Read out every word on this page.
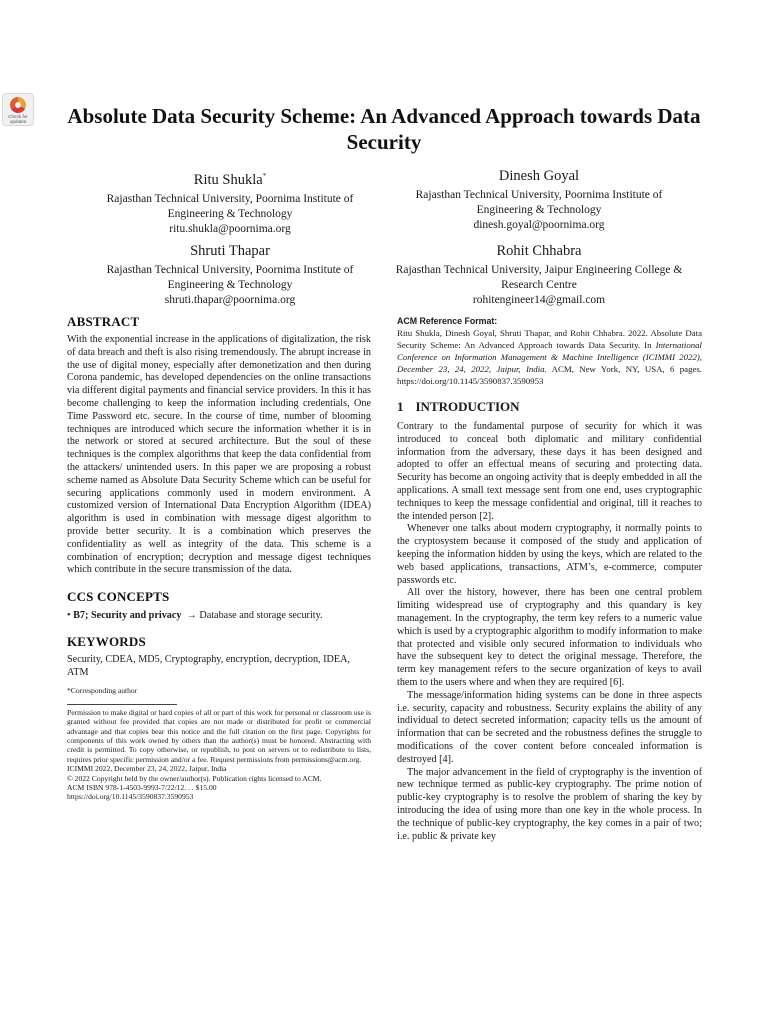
Check for updates	Absolute Data Security Scheme: An Advanced Approach towards Data Security
Ritu Shukla*
Rajasthan Technical University, Poornima Institute of Engineering & Technology
ritu.shukla@poornima.org
Dinesh Goyal
Rajasthan Technical University, Poornima Institute of Engineering & Technology
dinesh.goyal@poornima.org
Shruti Thapar
Rajasthan Technical University, Poornima Institute of Engineering & Technology
shruti.thapar@poornima.org
Rohit Chhabra
Rajasthan Technical University, Jaipur Engineering College & Research Centre
rohitengineer14@gmail.com
ABSTRACT

With the exponential increase in the applications of digitalization, the risk of data breach and theft is also rising tremendously. The abrupt increase in the use of digital money, especially after demonetization and then during Corona pandemic, has developed dependencies on the online transactions via different digital payments and financial service providers. In this it has become challenging to keep the information including credentials, One Time Password etc. secure. In the course of time, number of blooming techniques are introduced which secure the information whether it is in the network or stored at secured architecture. But the soul of these techniques is the complex algorithms that keep the data confidential from the attackers/ unintended users. In this paper we are proposing a robust scheme named as Absolute Data Security Scheme which can be useful for securing applications commonly used in modern environment. A customized version of International Data Encryption Algorithm (IDEA) algorithm is used in combination with message digest algorithm to provide better security. It is a combination which preserves the confidentiality as well as integrity of the data. This scheme is a combination of encryption; decryption and message digest techniques which contribute in the secure transmission of the data.

CCS CONCEPTS

• B7; Security and privacy → Database and storage security.

KEYWORDS

Security, CDEA, MD5, Cryptography, encryption, decryption, IDEA, ATM

*Corresponding author
Permission to make digital or hard copies of all or part of this work for personal or classroom use is granted without fee provided that copies are not made or distributed for profit or commercial advantage and that copies bear this notice and the full citation on the first page. Copyrights for components of this work owned by others than the author(s) must be honored. Abstracting with credit is permitted. To copy otherwise, or republish, to post on servers or to redistribute to lists, requires prior specific permission and/or a fee. Request permissions from permissions@acm.org.
ICIMMI 2022, December 23, 24, 2022, Jaipur, India
© 2022 Copyright held by the owner/author(s). Publication rights licensed to ACM.
ACM ISBN 978-1-4503-9993-7/22/12. . . $15.00
https://doi.org/10.1145/3590837.3590953
ACM Reference Format:
Ritu Shukla, Dinesh Goyal, Shruti Thapar, and Rohit Chhabra. 2022. Absolute Data Security Scheme: An Advanced Approach towards Data Security. In International Conference on Information Management & Machine Intelligence (ICIMMI 2022), December 23, 24, 2022, Jaipur, India. ACM, New York, NY, USA, 6 pages. https://doi.org/10.1145/3590837.3590953
1 INTRODUCTION

Contrary to the fundamental purpose of security for which it was introduced to conceal both diplomatic and military confidential information from the adversary, these days it has been designed and adopted to offer an effectual means of securing and protecting data. Security has become an ongoing activity that is deeply embedded in all the applications. A small text message sent from one end, uses cryptographic techniques to keep the message confidential and original, till it reaches to the intended person [2].

Whenever one talks about modern cryptography, it normally points to the cryptosystem because it composed of the study and application of keeping the information hidden by using the keys, which are related to the web based applications, transactions, ATM’s, e-commerce, computer passwords etc.

All over the history, however, there has been one central problem limiting widespread use of cryptography and this quandary is key management. In the cryptography, the term key refers to a numeric value which is used by a cryptographic algorithm to modify information to make that protected and visible only secured information to individuals who have the subsequent key to detect the original message. Therefore, the term key management refers to the secure organization of keys to avail them to the users where and when they are required [6].

The message/information hiding systems can be done in three aspects i.e. security, capacity and robustness. Security explains the ability of any individual to detect secreted information; capacity tells us the amount of information that can be secreted and the robustness defines the struggle to modifications of the cover content before concealed information is destroyed [4].

The major advancement in the field of cryptography is the invention of new technique termed as public-key cryptography. The prime notion of public-key cryptography is to resolve the problem of sharing the key by introducing the idea of using more than one key in the whole process. In the technique of public-key cryptography, the key comes in a pair of two; i.e. public & private key
